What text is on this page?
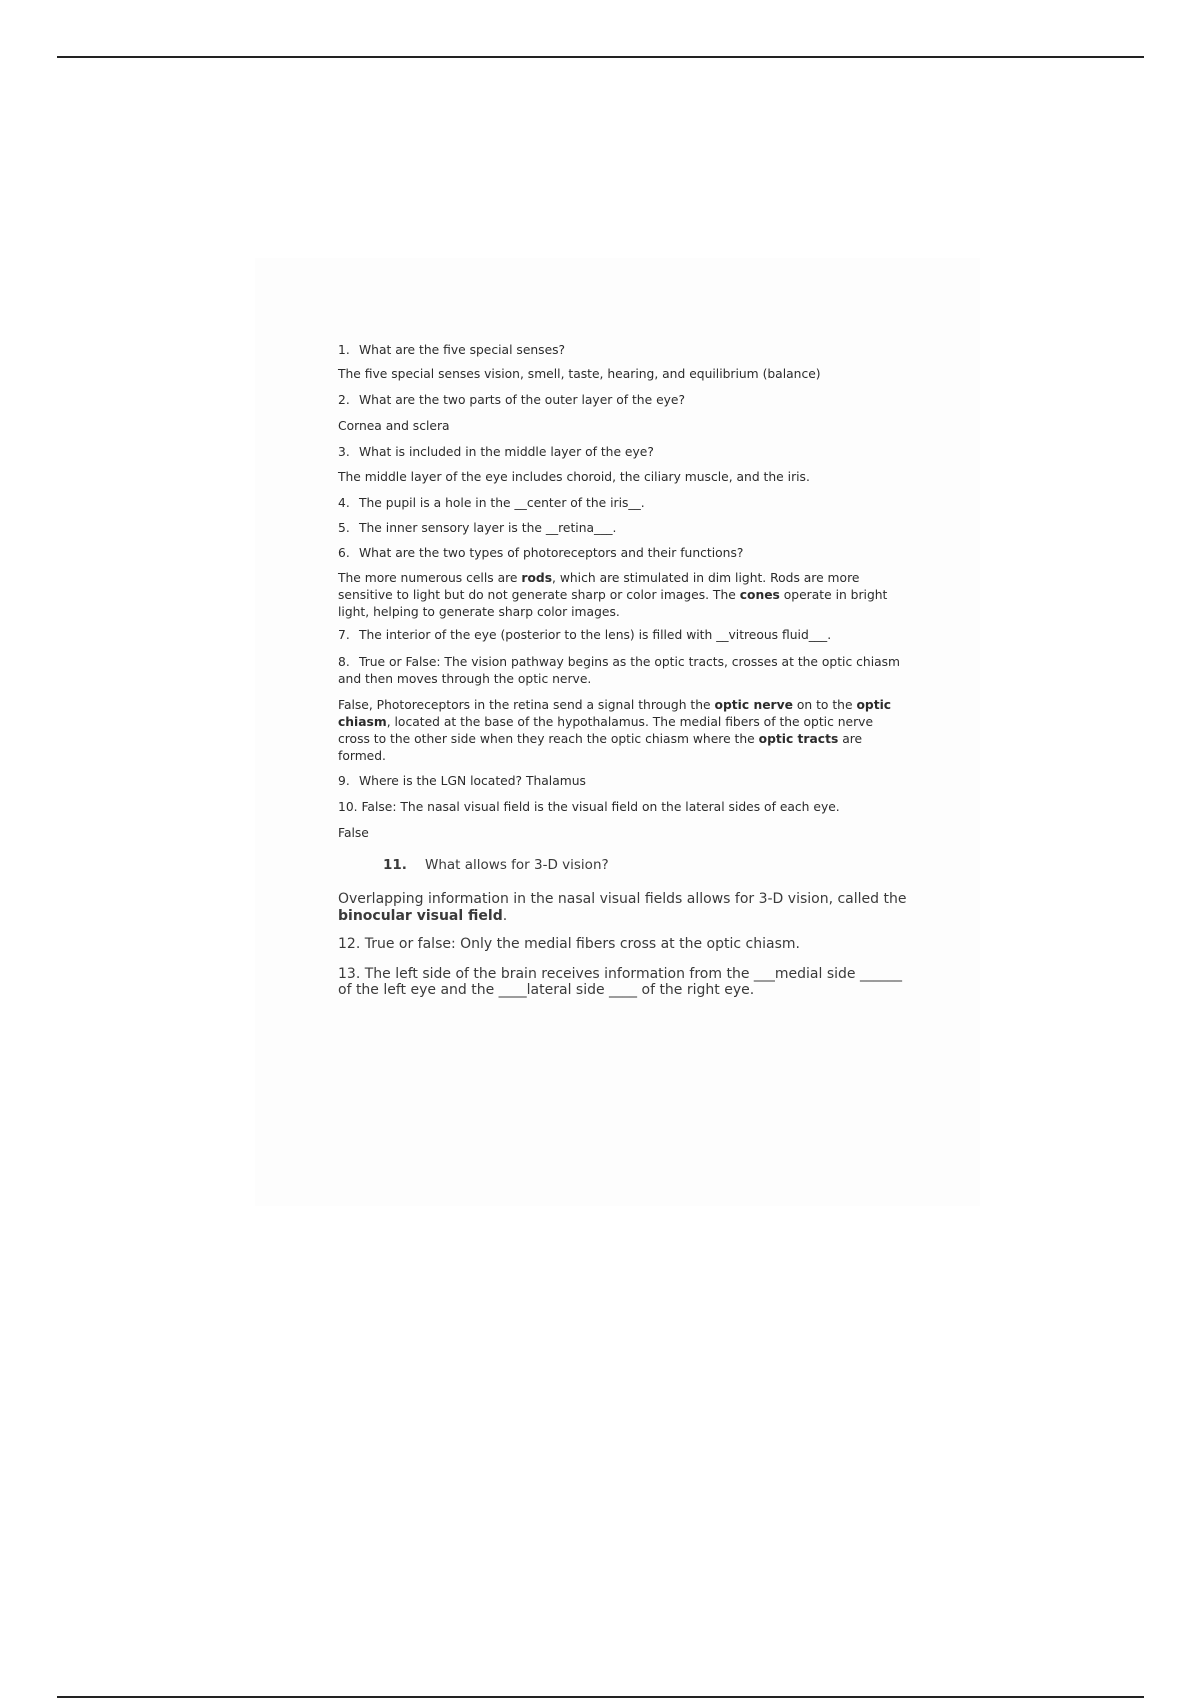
1. What are the five special senses?

The five special senses vision, smell, taste, hearing, and equilibrium (balance)

2. What are the two parts of the outer layer of the eye?

Cornea and sclera

3. What is included in the middle layer of the eye?

The middle layer of the eye includes choroid, the ciliary muscle, and the iris.

4. The pupil is a hole in the __center of the iris__.

5. The inner sensory layer is the __retina___.

6. What are the two types of photoreceptors and their functions?

The more numerous cells are rods, which are stimulated in dim light. Rods are more sensitive to light but do not generate sharp or color images. The cones operate in bright light, helping to generate sharp color images.

7. The interior of the eye (posterior to the lens) is filled with __vitreous fluid___.

8. True or False: The vision pathway begins as the optic tracts, crosses at the optic chiasm and then moves through the optic nerve.

False, Photoreceptors in the retina send a signal through the optic nerve on to the optic chiasm, located at the base of the hypothalamus. The medial fibers of the optic nerve cross to the other side when they reach the optic chiasm where the optic tracts are formed.

9. Where is the LGN located? Thalamus

10. False: The nasal visual field is the visual field on the lateral sides of each eye.

False

11. What allows for 3-D vision?

Overlapping information in the nasal visual fields allows for 3-D vision, called the binocular visual field.

12. True or false: Only the medial fibers cross at the optic chiasm.

13. The left side of the brain receives information from the ___medial side ______ of the left eye and the ____lateral side ____ of the right eye.
